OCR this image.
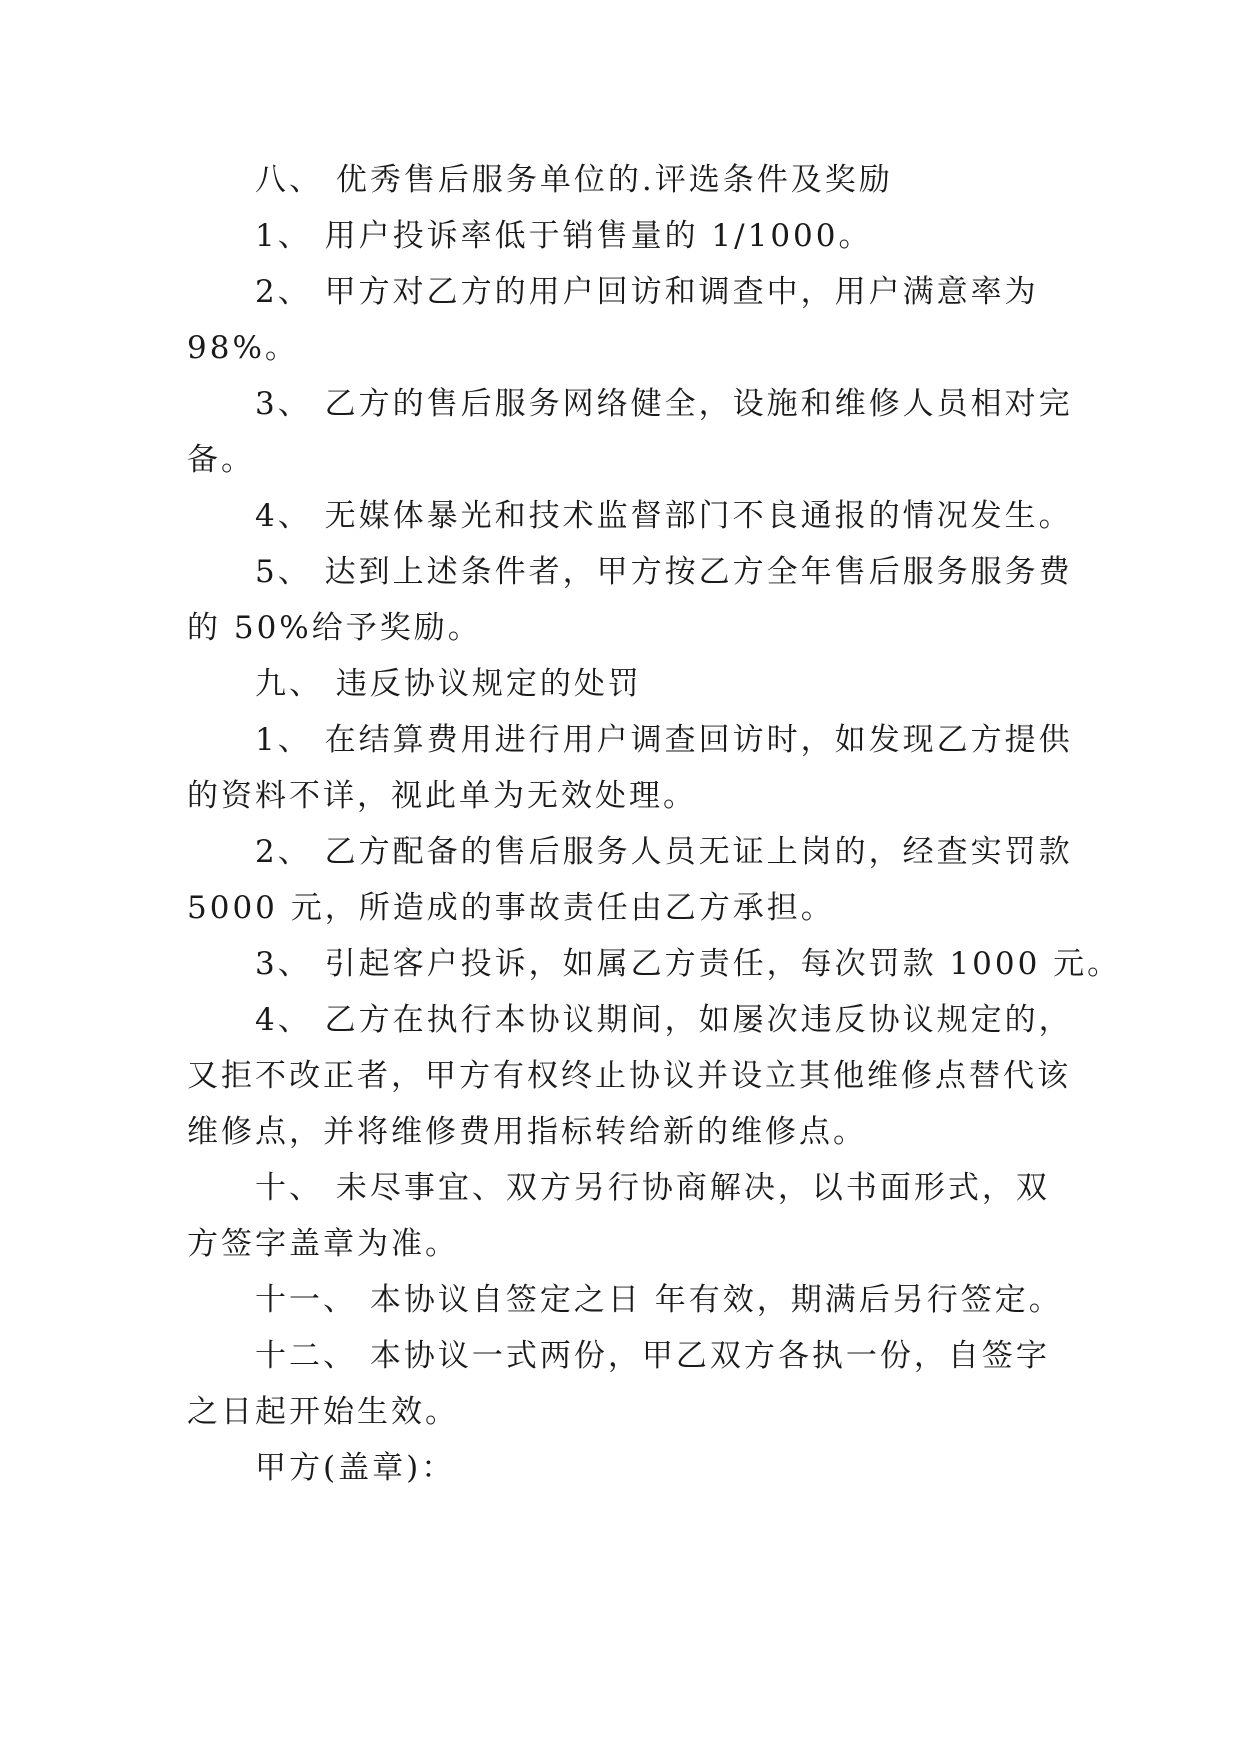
八、 优秀售后服务单位的.评选条件及奖励

1、 用户投诉率低于销售量的 1/1000。

2、 甲方对乙方的用户回访和调查中，用户满意率为

98%。

3、 乙方的售后服务网络健全，设施和维修人员相对完

备。

4、 无媒体暴光和技术监督部门不良通报的情况发生。

5、 达到上述条件者，甲方按乙方全年售后服务服务费

的 50%给予奖励。

九、 违反协议规定的处罚

1、 在结算费用进行用户调查回访时，如发现乙方提供

的资料不详，视此单为无效处理。

2、 乙方配备的售后服务人员无证上岗的，经查实罚款

5000 元，所造成的事故责任由乙方承担。

3、 引起客户投诉，如属乙方责任，每次罚款 1000 元。

4、 乙方在执行本协议期间，如屡次违反协议规定的，

又拒不改正者，甲方有权终止协议并设立其他维修点替代该

维修点，并将维修费用指标转给新的维修点。

十、 未尽事宜、双方另行协商解决，以书面形式，双

方签字盖章为准。

十一、 本协议自签定之日 年有效，期满后另行签定。

十二、 本协议一式两份，甲乙双方各执一份，自签字

之日起开始生效。

甲方(盖章)：
